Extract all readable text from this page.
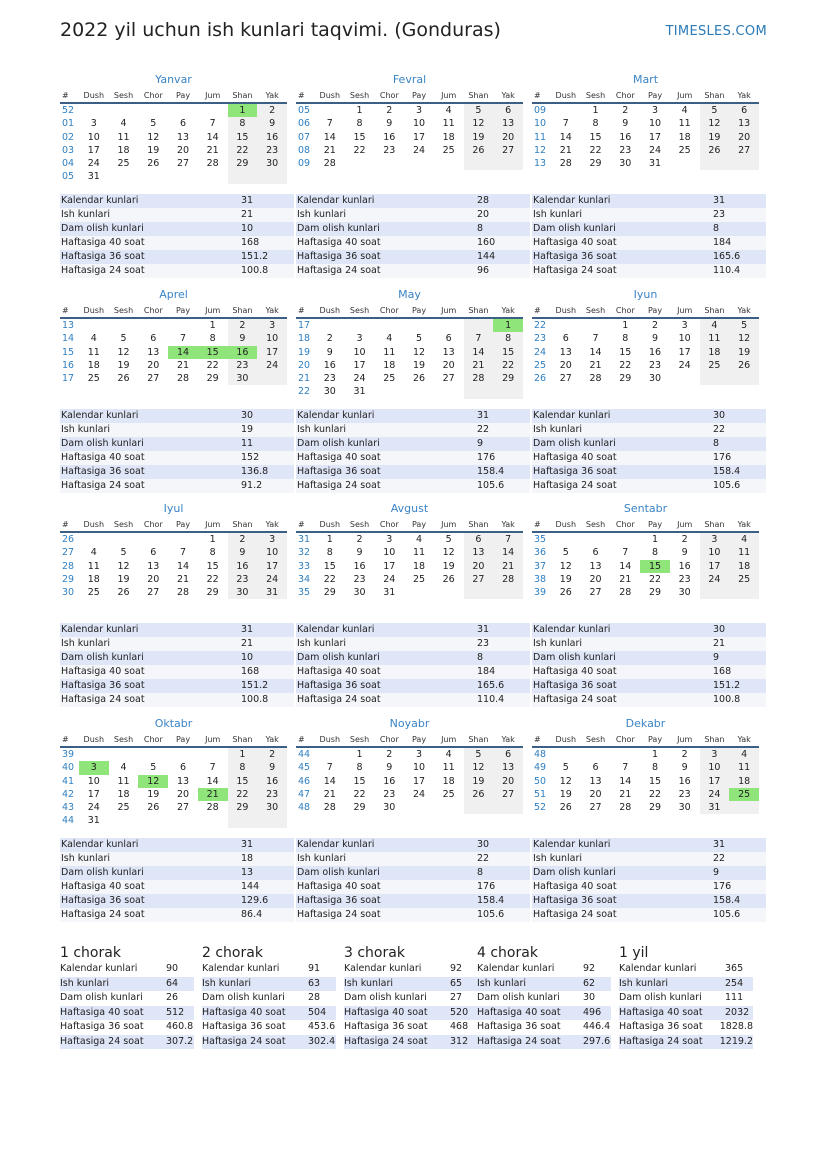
2022 yil uchun ish kunlari taqvimi. (Gonduras)	TIMESLES.COM
Yanvar
#	Dush	Sesh	Chor	Pay	Jum	Shan	Yak
52						1	2
01	3	4	5	6	7	8	9
02	10	11	12	13	14	15	16
03	17	18	19	20	21	22	23
04	24	25	26	27	28	29	30
05	31						
Kalendar kunlari	31
Ish kunlari	21
Dam olish kunlari	10
Haftasiga 40 soat	168
Haftasiga 36 soat	151.2
Haftasiga 24 soat	100.8
Fevral
#	Dush	Sesh	Chor	Pay	Jum	Shan	Yak
05		1	2	3	4	5	6
06	7	8	9	10	11	12	13
07	14	15	16	17	18	19	20
08	21	22	23	24	25	26	27
09	28						
Kalendar kunlari	28
Ish kunlari	20
Dam olish kunlari	8
Haftasiga 40 soat	160
Haftasiga 36 soat	144
Haftasiga 24 soat	96
Mart
#	Dush	Sesh	Chor	Pay	Jum	Shan	Yak
09		1	2	3	4	5	6
10	7	8	9	10	11	12	13
11	14	15	16	17	18	19	20
12	21	22	23	24	25	26	27
13	28	29	30	31			
Kalendar kunlari	31
Ish kunlari	23
Dam olish kunlari	8
Haftasiga 40 soat	184
Haftasiga 36 soat	165.6
Haftasiga 24 soat	110.4
Aprel
#	Dush	Sesh	Chor	Pay	Jum	Shan	Yak
13					1	2	3
14	4	5	6	7	8	9	10
15	11	12	13	14	15	16	17
16	18	19	20	21	22	23	24
17	25	26	27	28	29	30	
Kalendar kunlari	30
Ish kunlari	19
Dam olish kunlari	11
Haftasiga 40 soat	152
Haftasiga 36 soat	136.8
Haftasiga 24 soat	91.2
May
#	Dush	Sesh	Chor	Pay	Jum	Shan	Yak
17							1
18	2	3	4	5	6	7	8
19	9	10	11	12	13	14	15
20	16	17	18	19	20	21	22
21	23	24	25	26	27	28	29
22	30	31					
Kalendar kunlari	31
Ish kunlari	22
Dam olish kunlari	9
Haftasiga 40 soat	176
Haftasiga 36 soat	158.4
Haftasiga 24 soat	105.6
Iyun
#	Dush	Sesh	Chor	Pay	Jum	Shan	Yak
22			1	2	3	4	5
23	6	7	8	9	10	11	12
24	13	14	15	16	17	18	19
25	20	21	22	23	24	25	26
26	27	28	29	30			
Kalendar kunlari	30
Ish kunlari	22
Dam olish kunlari	8
Haftasiga 40 soat	176
Haftasiga 36 soat	158.4
Haftasiga 24 soat	105.6
Iyul
#	Dush	Sesh	Chor	Pay	Jum	Shan	Yak
26					1	2	3
27	4	5	6	7	8	9	10
28	11	12	13	14	15	16	17
29	18	19	20	21	22	23	24
30	25	26	27	28	29	30	31
Kalendar kunlari	31
Ish kunlari	21
Dam olish kunlari	10
Haftasiga 40 soat	168
Haftasiga 36 soat	151.2
Haftasiga 24 soat	100.8
Avgust
#	Dush	Sesh	Chor	Pay	Jum	Shan	Yak
31	1	2	3	4	5	6	7
32	8	9	10	11	12	13	14
33	15	16	17	18	19	20	21
34	22	23	24	25	26	27	28
35	29	30	31				
Kalendar kunlari	31
Ish kunlari	23
Dam olish kunlari	8
Haftasiga 40 soat	184
Haftasiga 36 soat	165.6
Haftasiga 24 soat	110.4
Sentabr
#	Dush	Sesh	Chor	Pay	Jum	Shan	Yak
35				1	2	3	4
36	5	6	7	8	9	10	11
37	12	13	14	15	16	17	18
38	19	20	21	22	23	24	25
39	26	27	28	29	30		
Kalendar kunlari	30
Ish kunlari	21
Dam olish kunlari	9
Haftasiga 40 soat	168
Haftasiga 36 soat	151.2
Haftasiga 24 soat	100.8
Oktabr
#	Dush	Sesh	Chor	Pay	Jum	Shan	Yak
39						1	2
40	3	4	5	6	7	8	9
41	10	11	12	13	14	15	16
42	17	18	19	20	21	22	23
43	24	25	26	27	28	29	30
44	31						
Kalendar kunlari	31
Ish kunlari	18
Dam olish kunlari	13
Haftasiga 40 soat	144
Haftasiga 36 soat	129.6
Haftasiga 24 soat	86.4
Noyabr
#	Dush	Sesh	Chor	Pay	Jum	Shan	Yak
44		1	2	3	4	5	6
45	7	8	9	10	11	12	13
46	14	15	16	17	18	19	20
47	21	22	23	24	25	26	27
48	28	29	30				
Kalendar kunlari	30
Ish kunlari	22
Dam olish kunlari	8
Haftasiga 40 soat	176
Haftasiga 36 soat	158.4
Haftasiga 24 soat	105.6
Dekabr
#	Dush	Sesh	Chor	Pay	Jum	Shan	Yak
48				1	2	3	4
49	5	6	7	8	9	10	11
50	12	13	14	15	16	17	18
51	19	20	21	22	23	24	25
52	26	27	28	29	30	31	
Kalendar kunlari	31
Ish kunlari	22
Dam olish kunlari	9
Haftasiga 40 soat	176
Haftasiga 36 soat	158.4
Haftasiga 24 soat	105.6
1 chorak
Kalendar kunlari	90
Ish kunlari	64
Dam olish kunlari	26
Haftasiga 40 soat	512
Haftasiga 36 soat	460.8
Haftasiga 24 soat	307.2
2 chorak
Kalendar kunlari	91
Ish kunlari	63
Dam olish kunlari	28
Haftasiga 40 soat	504
Haftasiga 36 soat	453.6
Haftasiga 24 soat	302.4
3 chorak
Kalendar kunlari	92
Ish kunlari	65
Dam olish kunlari	27
Haftasiga 40 soat	520
Haftasiga 36 soat	468
Haftasiga 24 soat	312
4 chorak
Kalendar kunlari	92
Ish kunlari	62
Dam olish kunlari	30
Haftasiga 40 soat	496
Haftasiga 36 soat	446.4
Haftasiga 24 soat	297.6
1 yil
Kalendar kunlari	365
Ish kunlari	254
Dam olish kunlari	111
Haftasiga 40 soat	2032
Haftasiga 36 soat	1828.8
Haftasiga 24 soat	1219.2
